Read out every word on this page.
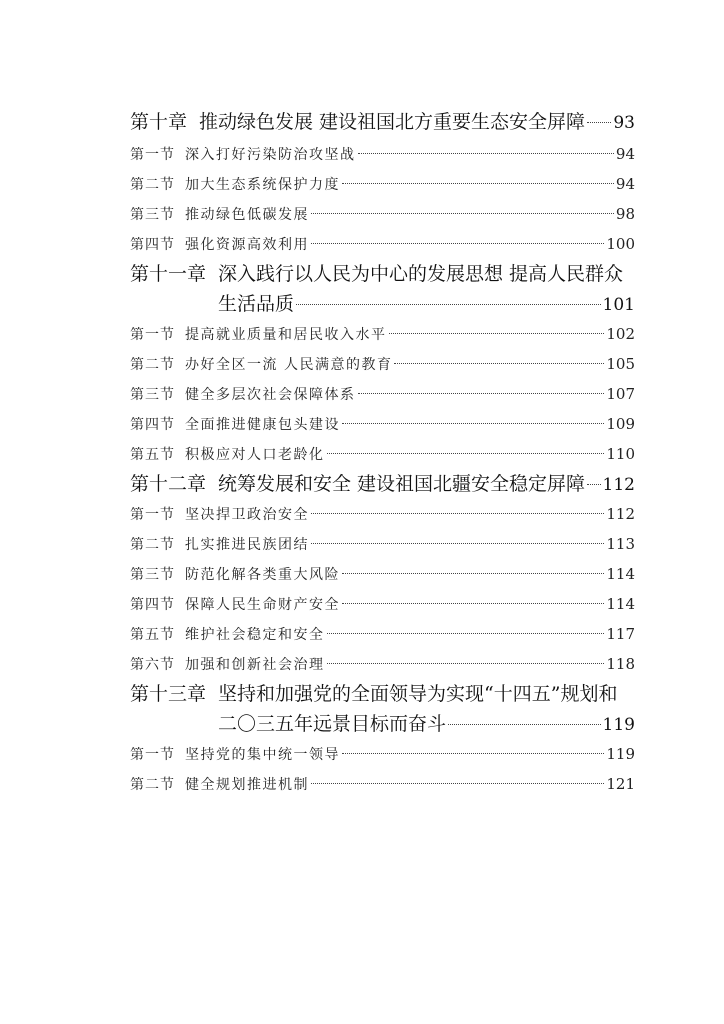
第十章 推动绿色发展 建设祖国北方重要生态安全屏障 93
第一节 深入打好污染防治攻坚战	94
第二节 加大生态系统保护力度	94
第三节 推动绿色低碳发展	98
第四节 强化资源高效利用	100
第十一章 深入践行以人民为中心的发展思想 提高人民群众
生活品质	101
第一节 提高就业质量和居民收入水平	102
第二节 办好全区一流 人民满意的教育	105
第三节 健全多层次社会保障体系	107
第四节 全面推进健康包头建设	109
第五节 积极应对人口老龄化	110
第十二章 统筹发展和安全 建设祖国北疆安全稳定屏障 112
第一节 坚决捍卫政治安全	112
第二节 扎实推进民族团结	113
第三节 防范化解各类重大风险	114
第四节 保障人民生命财产安全	114
第五节 维护社会稳定和安全	117
第六节 加强和创新社会治理	118
第十三章 坚持和加强党的全面领导为实现“十四五”规划和
二〇三五年远景目标而奋斗	119
第一节 坚持党的集中统一领导	119
第二节 健全规划推进机制	121
